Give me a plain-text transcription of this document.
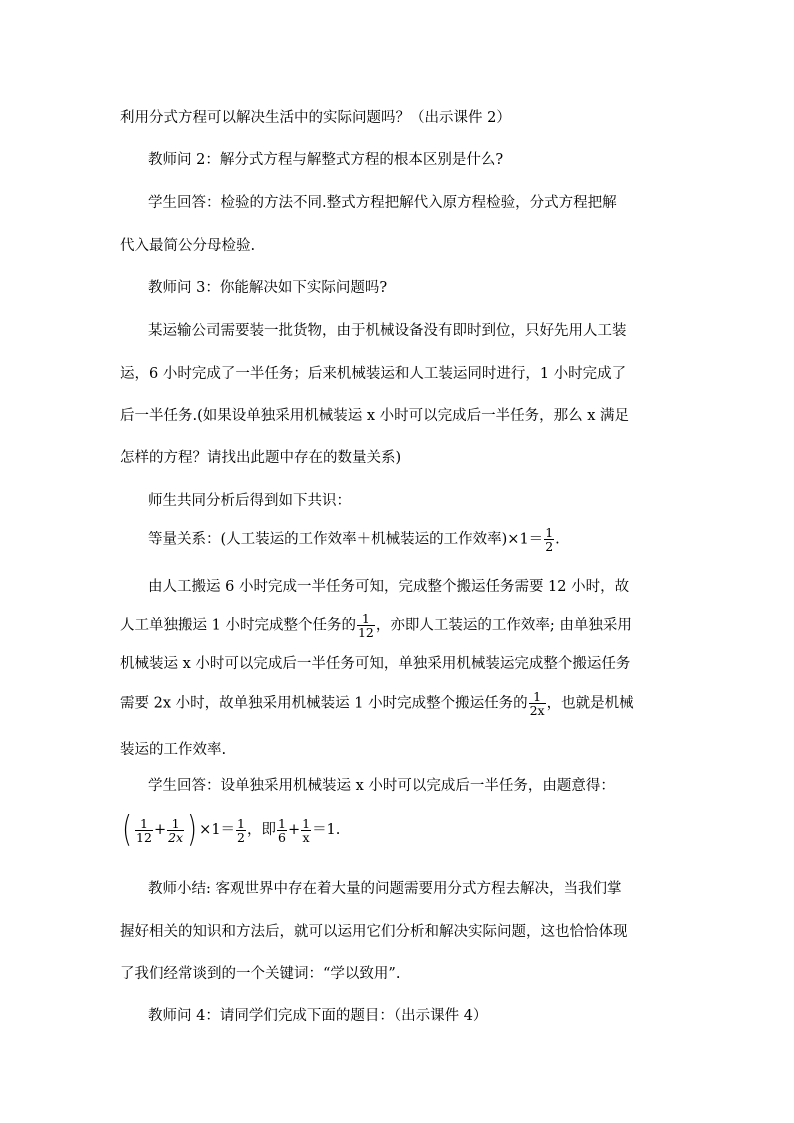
利用分式方程可以解决生活中的实际问题吗？（出示课件 2）
教师问 2：解分式方程与解整式方程的根本区别是什么?
学生回答：检验的方法不同.整式方程把解代入原方程检验，分式方程把解
代入最简公分母检验.
教师问 3：你能解决如下实际问题吗?
某运输公司需要装一批货物，由于机械设备没有即时到位，只好先用人工装
运，6 小时完成了一半任务；后来机械装运和人工装运同时进行，1 小时完成了
后一半任务.(如果设单独采用机械装运 x 小时可以完成后一半任务，那么 x 满足
怎样的方程？请找出此题中存在的数量关系)
师生共同分析后得到如下共识：
等量关系：(人工装运的工作效率＋机械装运的工作效率)$\times 1= \frac{1}{2}$ .
由人工搬运 6 小时完成一半任务可知，完成整个搬运任务需要 12 小时，故
人工单独搬运 1 小时完成整个任务的 $\frac{1}{12}$ ，亦即人工装运的工作效率; 由单独采用
机械装运 x 小时可以完成后一半任务可知，单独采用机械装运完成整个搬运任务
需要 2x 小时，故单独采用机械装运 1 小时完成整个搬运任务的 $\frac{1}{2x}$ ，也就是机械
装运的工作效率.
学生回答：设单独采用机械装运 x 小时可以完成后一半任务，由题意得：
( $\frac{1}{12} + \frac{1}{2x}$ ) $\times 1= \frac{1}{2}$ ，即 $\frac{1}{6} + \frac{1}{x} =1$.
教师小结: 客观世界中存在着大量的问题需要用分式方程去解决，当我们掌
握好相关的知识和方法后，就可以运用它们分析和解决实际问题，这也恰恰体现
了我们经常谈到的一个关键词：“学以致用”.
教师问 4：请同学们完成下面的题目：（出示课件 4）
